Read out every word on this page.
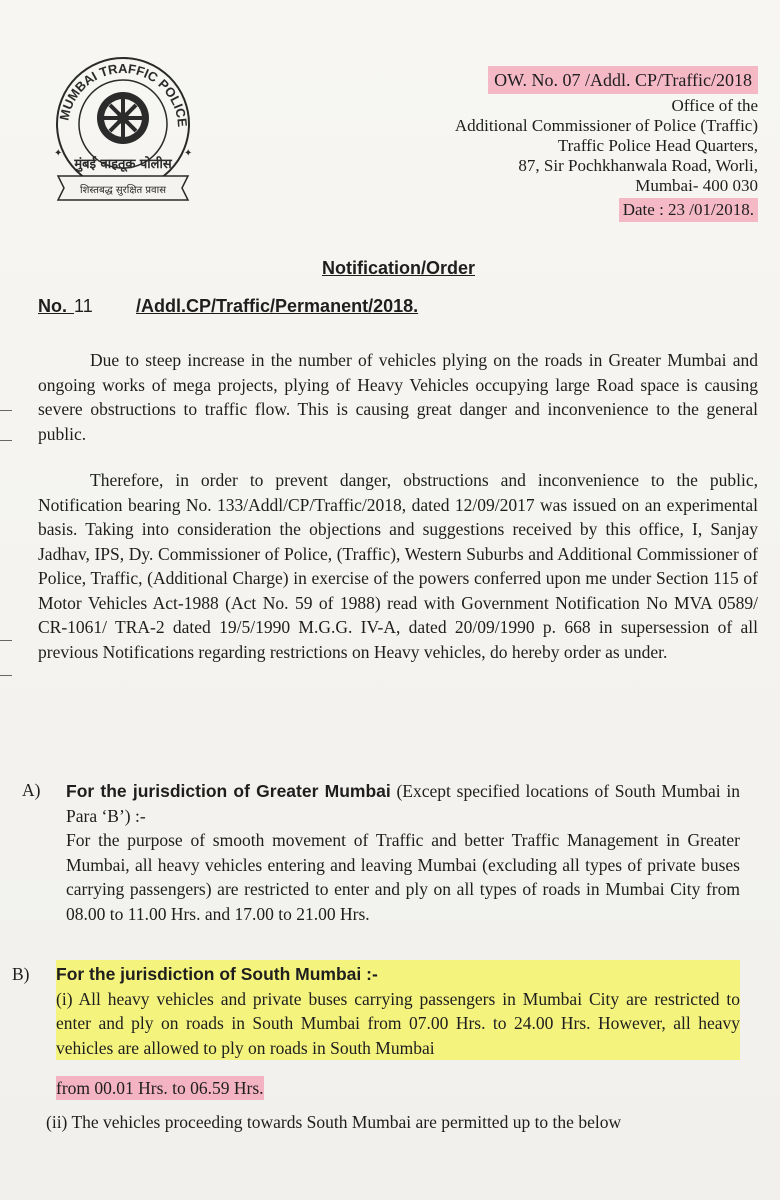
MUMBAI TRAFFIC POLICE
✦	✦
मुंबई वाहतूक पोलीस
शिस्तबद्ध सुरक्षित प्रवास
OW. No. 07 /Addl. CP/Traffic/2018
Office of the
Additional Commissioner of Police (Traffic)
Traffic Police Head Quarters,
87, Sir Pochkhanwala Road, Worli,
Mumbai- 400 030
Date : 23 /01/2018.
Notification/Order
No. 11 /Addl.CP/Traffic/Permanent/2018.
Due to steep increase in the number of vehicles plying on the roads in Greater Mumbai and ongoing works of mega projects, plying of Heavy Vehicles occupying large Road space is causing severe obstructions to traffic flow. This is causing great danger and inconvenience to the general public.
Therefore, in order to prevent danger, obstructions and inconvenience to the public, Notification bearing No. 133/Addl/CP/Traffic/2018, dated 12/09/2017 was issued on an experimental basis. Taking into consideration the objections and suggestions received by this office, I, Sanjay Jadhav, IPS, Dy. Commissioner of Police, (Traffic), Western Suburbs and Additional Commissioner of Police, Traffic, (Additional Charge) in exercise of the powers conferred upon me under Section 115 of Motor Vehicles Act-1988 (Act No. 59 of 1988) read with Government Notification No MVA 0589/ CR-1061/ TRA-2 dated 19/5/1990 M.G.G. IV-A, dated 20/09/1990 p. 668 in supersession of all previous Notifications regarding restrictions on Heavy vehicles, do hereby order as under.
A) For the jurisdiction of Greater Mumbai (Except specified locations of South Mumbai in Para ‘B’) :-
For the purpose of smooth movement of Traffic and better Traffic Management in Greater Mumbai, all heavy vehicles entering and leaving Mumbai (excluding all types of private buses carrying passengers) are restricted to enter and ply on all types of roads in Mumbai City from 08.00 to 11.00 Hrs. and 17.00 to 21.00 Hrs.
B) For the jurisdiction of South Mumbai :-
(i) All heavy vehicles and private buses carrying passengers in Mumbai City are restricted to enter and ply on roads in South Mumbai from 07.00 Hrs. to 24.00 Hrs. However, all heavy vehicles are allowed to ply on roads in South Mumbai
from 00.01 Hrs. to 06.59 Hrs.
(ii) The vehicles proceeding towards South Mumbai are permitted up to the below
